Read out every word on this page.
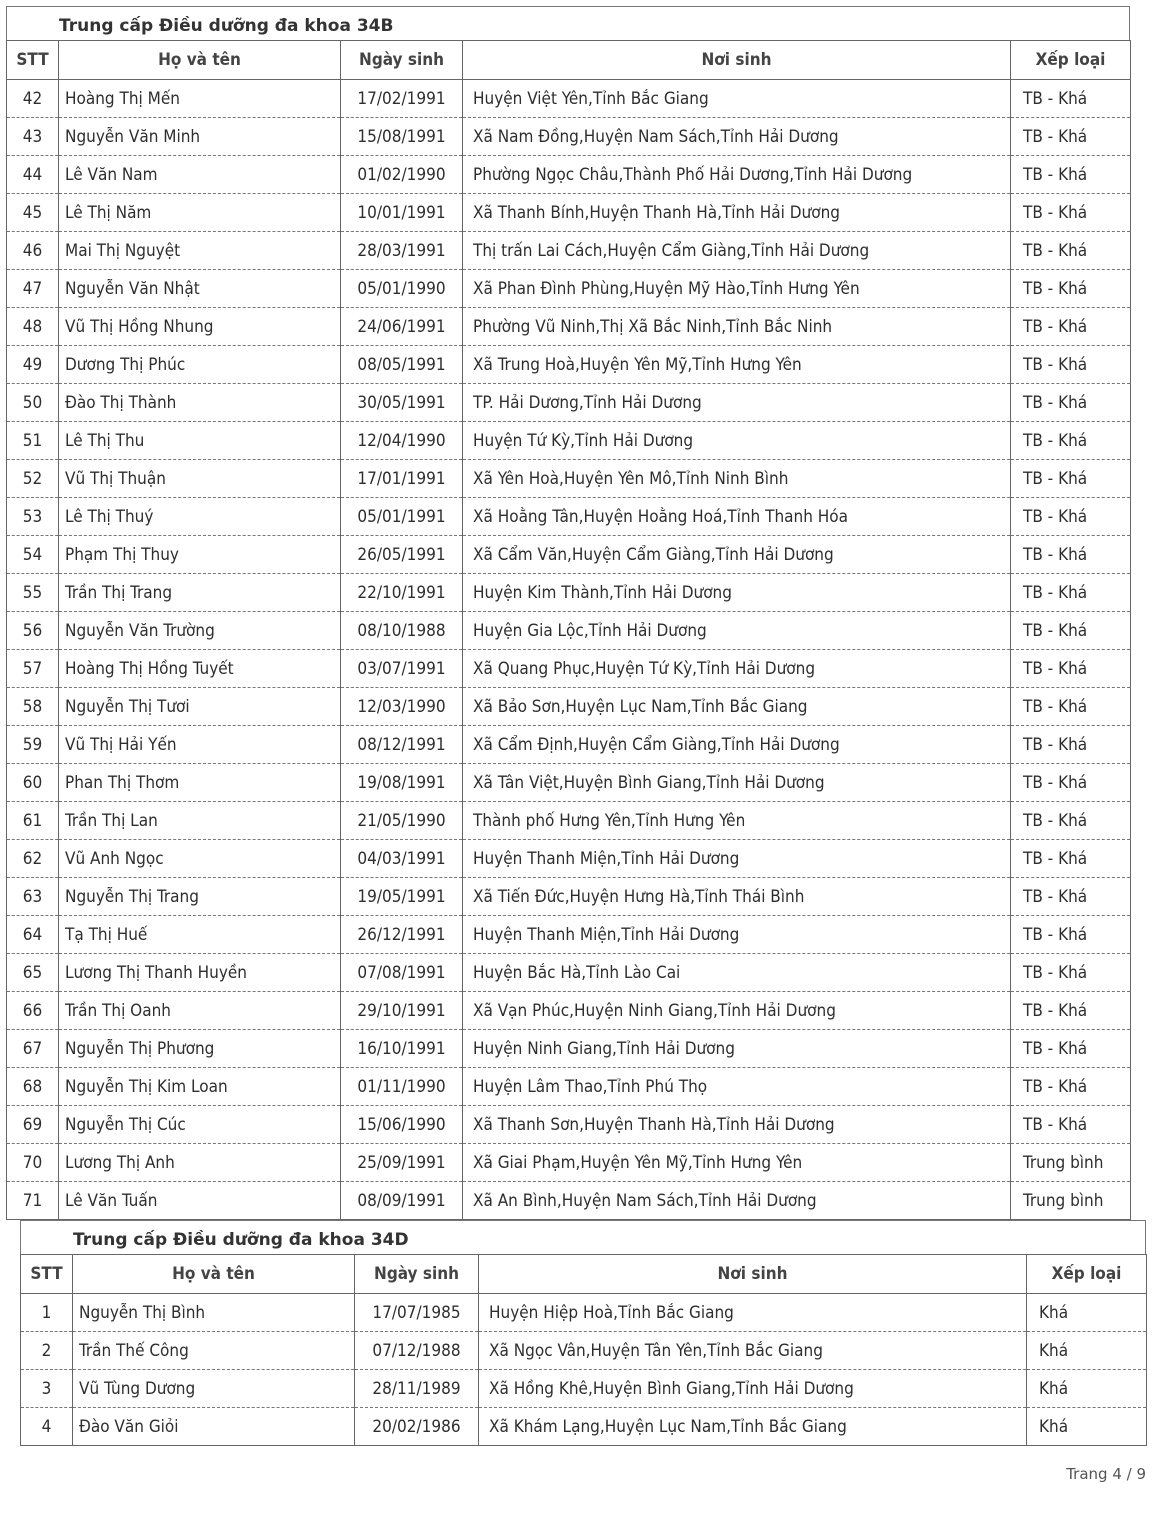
Trung cấp Điều dưỡng đa khoa 34B
STT	Họ và tên	Ngày sinh	Nơi sinh	Xếp loại
42	Hoàng Thị Mến	17/02/1991	Huyện Việt Yên,Tỉnh Bắc Giang	TB - Khá
43	Nguyễn Văn Minh	15/08/1991	Xã Nam Đồng,Huyện Nam Sách,Tỉnh Hải Dương	TB - Khá
44	Lê Văn Nam	01/02/1990	Phường Ngọc Châu,Thành Phố Hải Dương,Tỉnh Hải Dương	TB - Khá
45	Lê Thị Năm	10/01/1991	Xã Thanh Bính,Huyện Thanh Hà,Tỉnh Hải Dương	TB - Khá
46	Mai Thị Nguyệt	28/03/1991	Thị trấn Lai Cách,Huyện Cẩm Giàng,Tỉnh Hải Dương	TB - Khá
47	Nguyễn Văn Nhật	05/01/1990	Xã Phan Đình Phùng,Huyện Mỹ Hào,Tỉnh Hưng Yên	TB - Khá
48	Vũ Thị Hồng Nhung	24/06/1991	Phường Vũ Ninh,Thị Xã Bắc Ninh,Tỉnh Bắc Ninh	TB - Khá
49	Dương Thị Phúc	08/05/1991	Xã Trung Hoà,Huyện Yên Mỹ,Tỉnh Hưng Yên	TB - Khá
50	Đào Thị Thành	30/05/1991	TP. Hải Dương,Tỉnh Hải Dương	TB - Khá
51	Lê Thị Thu	12/04/1990	Huyện Tứ Kỳ,Tỉnh Hải Dương	TB - Khá
52	Vũ Thị Thuận	17/01/1991	Xã Yên Hoà,Huyện Yên Mô,Tỉnh Ninh Bình	TB - Khá
53	Lê Thị Thuý	05/01/1991	Xã Hoằng Tân,Huyện Hoằng Hoá,Tỉnh Thanh Hóa	TB - Khá
54	Phạm Thị Thuy	26/05/1991	Xã Cẩm Văn,Huyện Cẩm Giàng,Tỉnh Hải Dương	TB - Khá
55	Trần Thị Trang	22/10/1991	Huyện Kim Thành,Tỉnh Hải Dương	TB - Khá
56	Nguyễn Văn Trường	08/10/1988	Huyện Gia Lộc,Tỉnh Hải Dương	TB - Khá
57	Hoàng Thị Hồng Tuyết	03/07/1991	Xã Quang Phục,Huyện Tứ Kỳ,Tỉnh Hải Dương	TB - Khá
58	Nguyễn Thị Tươi	12/03/1990	Xã Bảo Sơn,Huyện Lục Nam,Tỉnh Bắc Giang	TB - Khá
59	Vũ Thị Hải Yến	08/12/1991	Xã Cẩm Định,Huyện Cẩm Giàng,Tỉnh Hải Dương	TB - Khá
60	Phan Thị Thơm	19/08/1991	Xã Tân Việt,Huyện Bình Giang,Tỉnh Hải Dương	TB - Khá
61	Trần Thị Lan	21/05/1990	Thành phố Hưng Yên,Tỉnh Hưng Yên	TB - Khá
62	Vũ Anh Ngọc	04/03/1991	Huyện Thanh Miện,Tỉnh Hải Dương	TB - Khá
63	Nguyễn Thị Trang	19/05/1991	Xã Tiến Đức,Huyện Hưng Hà,Tỉnh Thái Bình	TB - Khá
64	Tạ Thị Huế	26/12/1991	Huyện Thanh Miện,Tỉnh Hải Dương	TB - Khá
65	Lương Thị Thanh Huyền	07/08/1991	Huyện Bắc Hà,Tỉnh Lào Cai	TB - Khá
66	Trần Thị Oanh	29/10/1991	Xã Vạn Phúc,Huyện Ninh Giang,Tỉnh Hải Dương	TB - Khá
67	Nguyễn Thị Phương	16/10/1991	Huyện Ninh Giang,Tỉnh Hải Dương	TB - Khá
68	Nguyễn Thị Kim Loan	01/11/1990	Huyện Lâm Thao,Tỉnh Phú Thọ	TB - Khá
69	Nguyễn Thị Cúc	15/06/1990	Xã Thanh Sơn,Huyện Thanh Hà,Tỉnh Hải Dương	TB - Khá
70	Lương Thị Anh	25/09/1991	Xã Giai Phạm,Huyện Yên Mỹ,Tỉnh Hưng Yên	Trung bình
71	Lê Văn Tuấn	08/09/1991	Xã An Bình,Huyện Nam Sách,Tỉnh Hải Dương	Trung bình
Trung cấp Điều dưỡng đa khoa 34D
STT	Họ và tên	Ngày sinh	Nơi sinh	Xếp loại
1	Nguyễn Thị Bình	17/07/1985	Huyện Hiệp Hoà,Tỉnh Bắc Giang	Khá
2	Trần Thế Công	07/12/1988	Xã Ngọc Vân,Huyện Tân Yên,Tỉnh Bắc Giang	Khá
3	Vũ Tùng Dương	28/11/1989	Xã Hồng Khê,Huyện Bình Giang,Tỉnh Hải Dương	Khá
4	Đào Văn Giỏi	20/02/1986	Xã Khám Lạng,Huyện Lục Nam,Tỉnh Bắc Giang	Khá
Trang 4 / 9
